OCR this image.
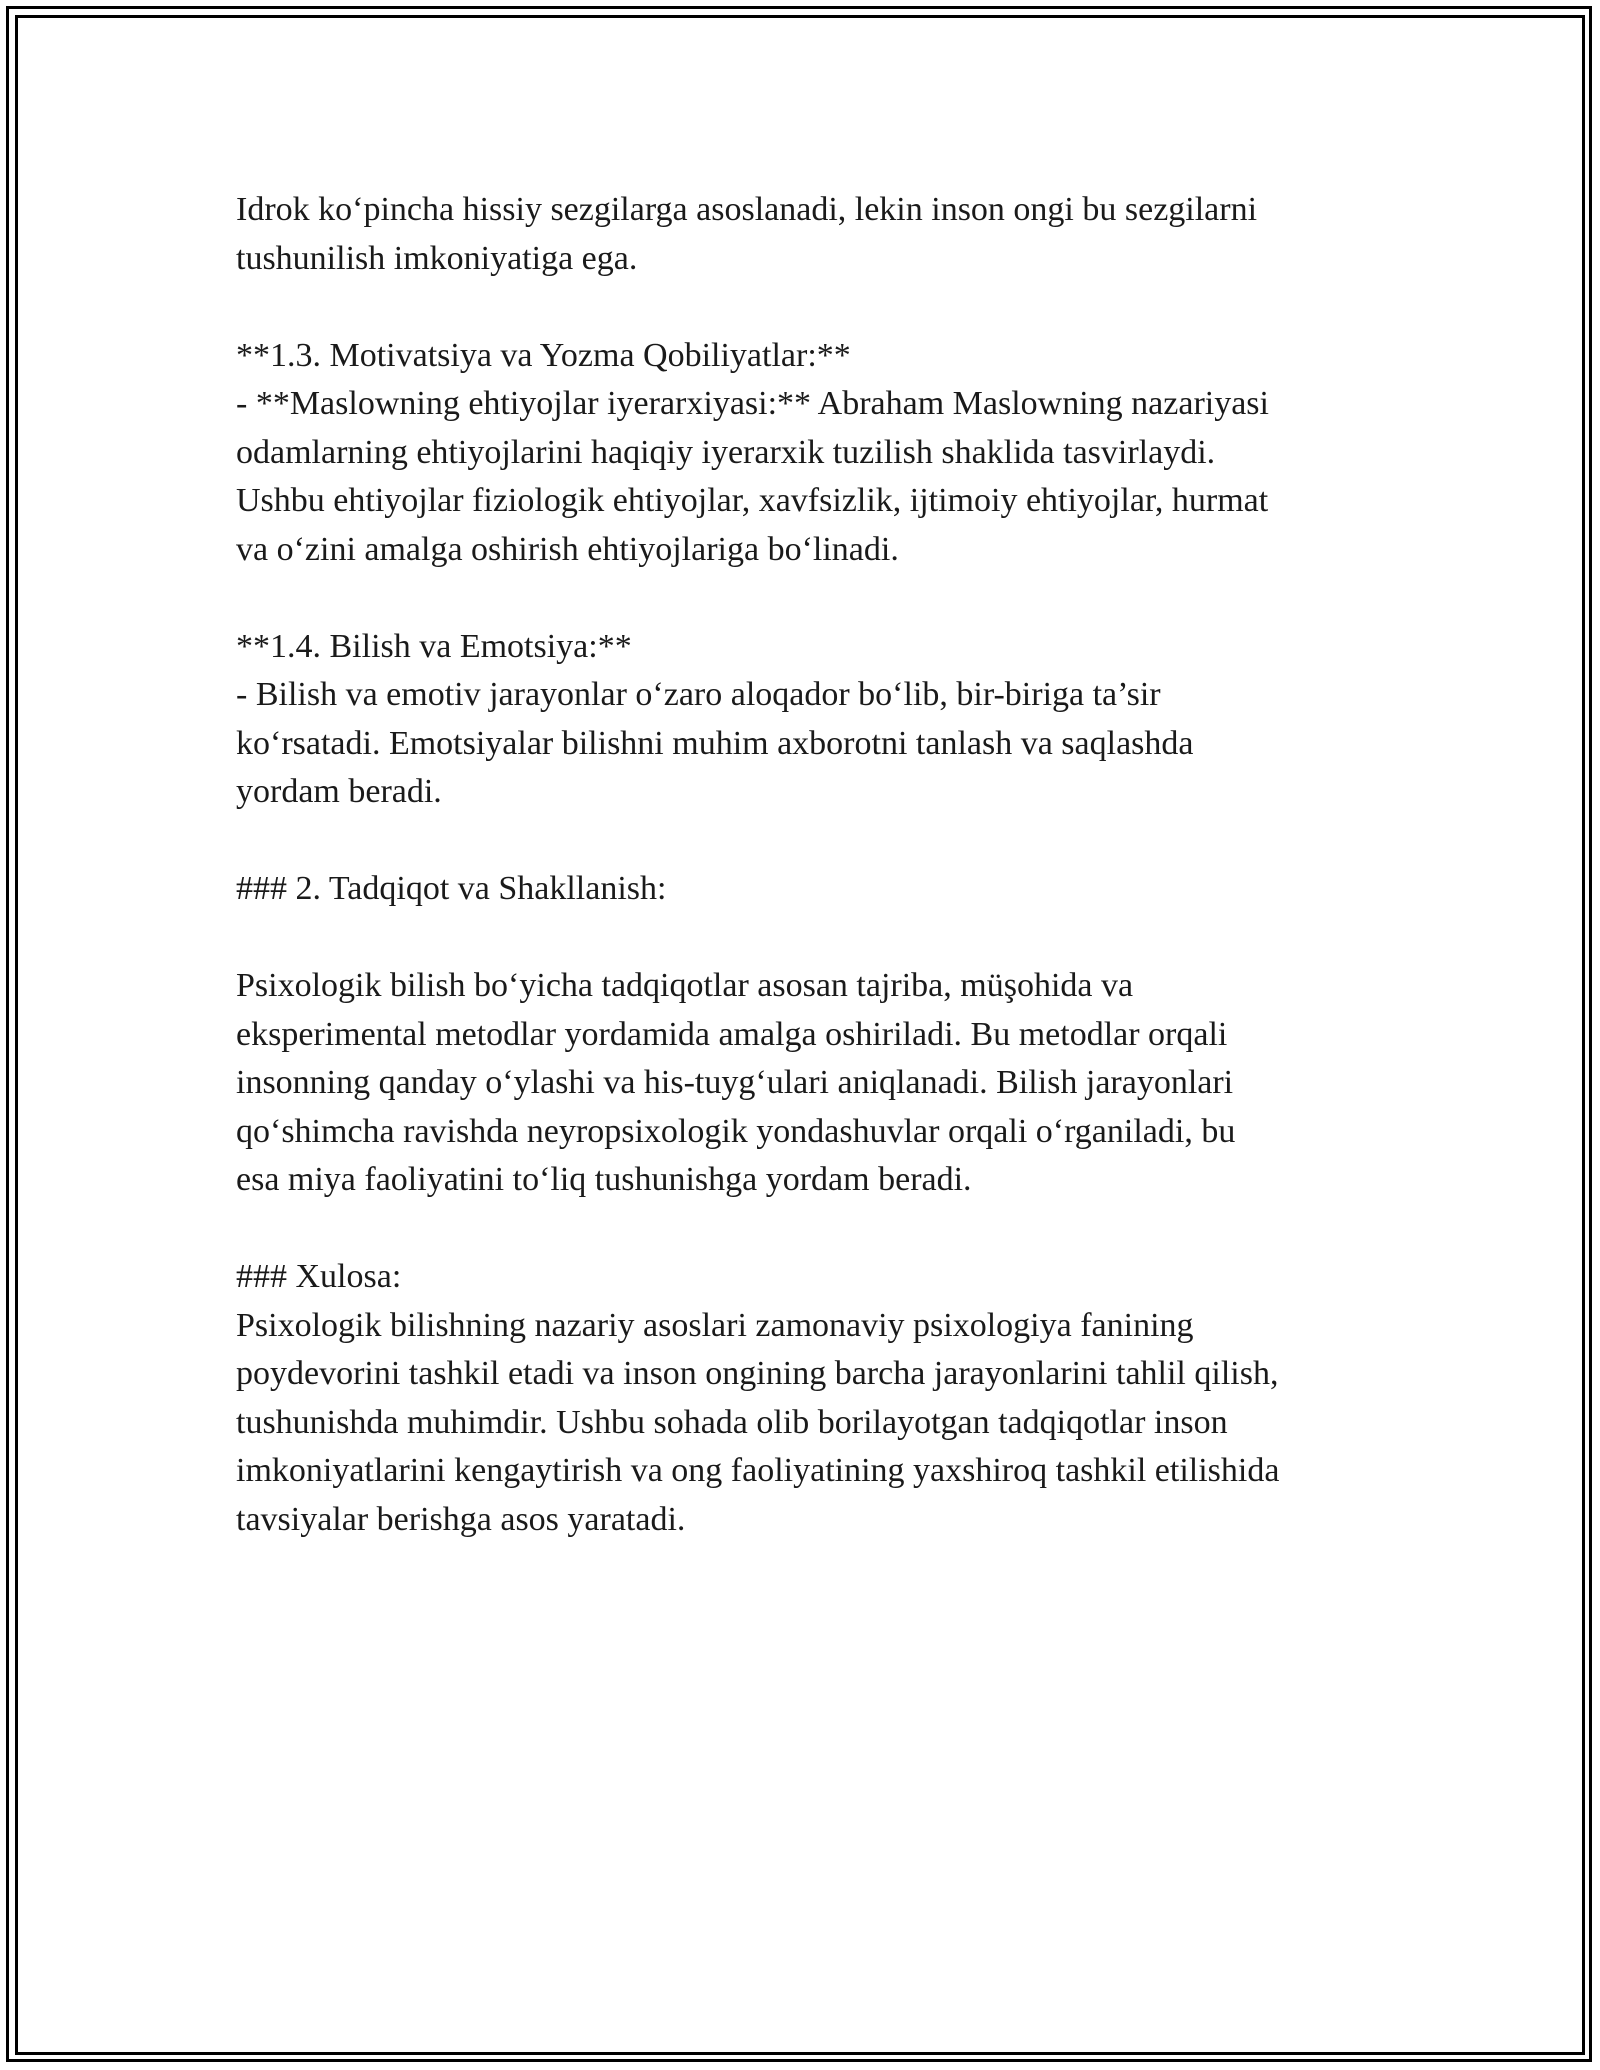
Idrok ko‘pincha hissiy sezgilarga asoslanadi, lekin inson ongi bu sezgilarni

tushunilish imkoniyatiga ega.

**1.3. Motivatsiya va Yozma Qobiliyatlar:**

- **Maslowning ehtiyojlar iyerarxiyasi:** Abraham Maslowning nazariyasi

odamlarning ehtiyojlarini haqiqiy iyerarxik tuzilish shaklida tasvirlaydi.

Ushbu ehtiyojlar fiziologik ehtiyojlar, xavfsizlik, ijtimoiy ehtiyojlar, hurmat

va o‘zini amalga oshirish ehtiyojlariga bo‘linadi.

**1.4. Bilish va Emotsiya:**

- Bilish va emotiv jarayonlar o‘zaro aloqador bo‘lib, bir-biriga ta’sir

ko‘rsatadi. Emotsiyalar bilishni muhim axborotni tanlash va saqlashda

yordam beradi.

### 2. Tadqiqot va Shakllanish:

Psixologik bilish bo‘yicha tadqiqotlar asosan tajriba, müşohida va

eksperimental metodlar yordamida amalga oshiriladi. Bu metodlar orqali

insonning qanday o‘ylashi va his-tuyg‘ulari aniqlanadi. Bilish jarayonlari

qo‘shimcha ravishda neyropsixologik yondashuvlar orqali o‘rganiladi, bu

esa miya faoliyatini to‘liq tushunishga yordam beradi.

### Xulosa:

Psixologik bilishning nazariy asoslari zamonaviy psixologiya fanining

poydevorini tashkil etadi va inson ongining barcha jarayonlarini tahlil qilish,

tushunishda muhimdir. Ushbu sohada olib borilayotgan tadqiqotlar inson

imkoniyatlarini kengaytirish va ong faoliyatining yaxshiroq tashkil etilishida

tavsiyalar berishga asos yaratadi.
